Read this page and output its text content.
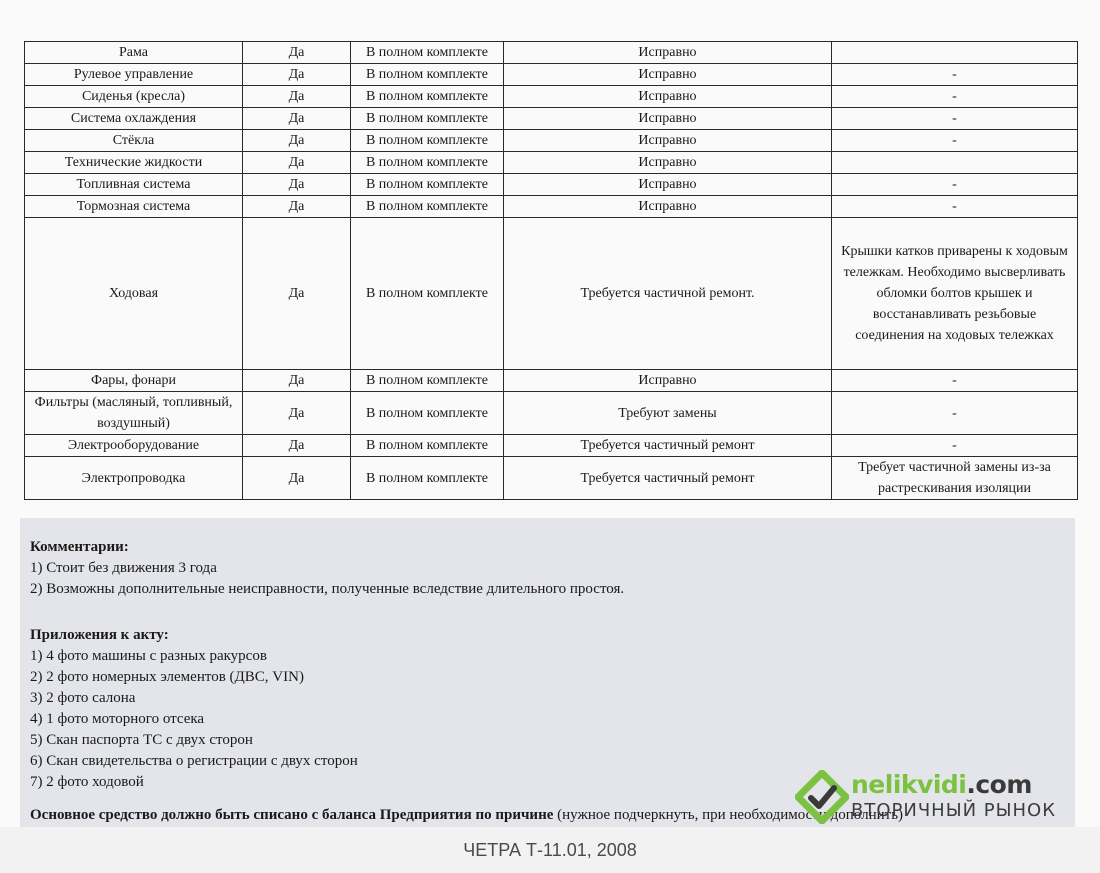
Рама	Да	В полном комплекте	Исправно	
Рулевое управление	Да	В полном комплекте	Исправно	-
Сиденья (кресла)	Да	В полном комплекте	Исправно	-
Система охлаждения	Да	В полном комплекте	Исправно	-
Стёкла	Да	В полном комплекте	Исправно	-
Технические жидкости	Да	В полном комплекте	Исправно	
Топливная система	Да	В полном комплекте	Исправно	-
Тормозная система	Да	В полном комплекте	Исправно	-
Ходовая	Да	В полном комплекте	Требуется частичной ремонт.	Крышки катков приварены к ходовым тележкам. Необходимо высверливать обломки болтов крышек и восстанавливать резьбовые соединения на ходовых тележках
Фары, фонари	Да	В полном комплекте	Исправно	-
Фильтры (масляный, топливный, воздушный)	Да	В полном комплекте	Требуют замены	-
Электрооборудование	Да	В полном комплекте	Требуется частичный ремонт	-
Электропроводка	Да	В полном комплекте	Требуется частичный ремонт	Требует частичной замены из-за растрескивания изоляции
Комментарии:
1) Стоит без движения 3 года
2) Возможны дополнительные неисправности, полученные вследствие длительного простоя.
Приложения к акту:
1) 4 фото машины с разных ракурсов
2) 2 фото номерных элементов (ДВС, VIN)
3) 2 фото салона
4) 1 фото моторного отсека
5) Скан паспорта ТС с двух сторон
6) Скан свидетельства о регистрации с двух сторон
7) 2 фото ходовой
Основное средство должно быть списано с баланса Предприятия по причине (нужное подчеркнуть, при необходимости дополнить)
nelikvidi.com
ВТОРИЧНЫЙ РЫНОК
ЧЕТРА Т-11.01, 2008
